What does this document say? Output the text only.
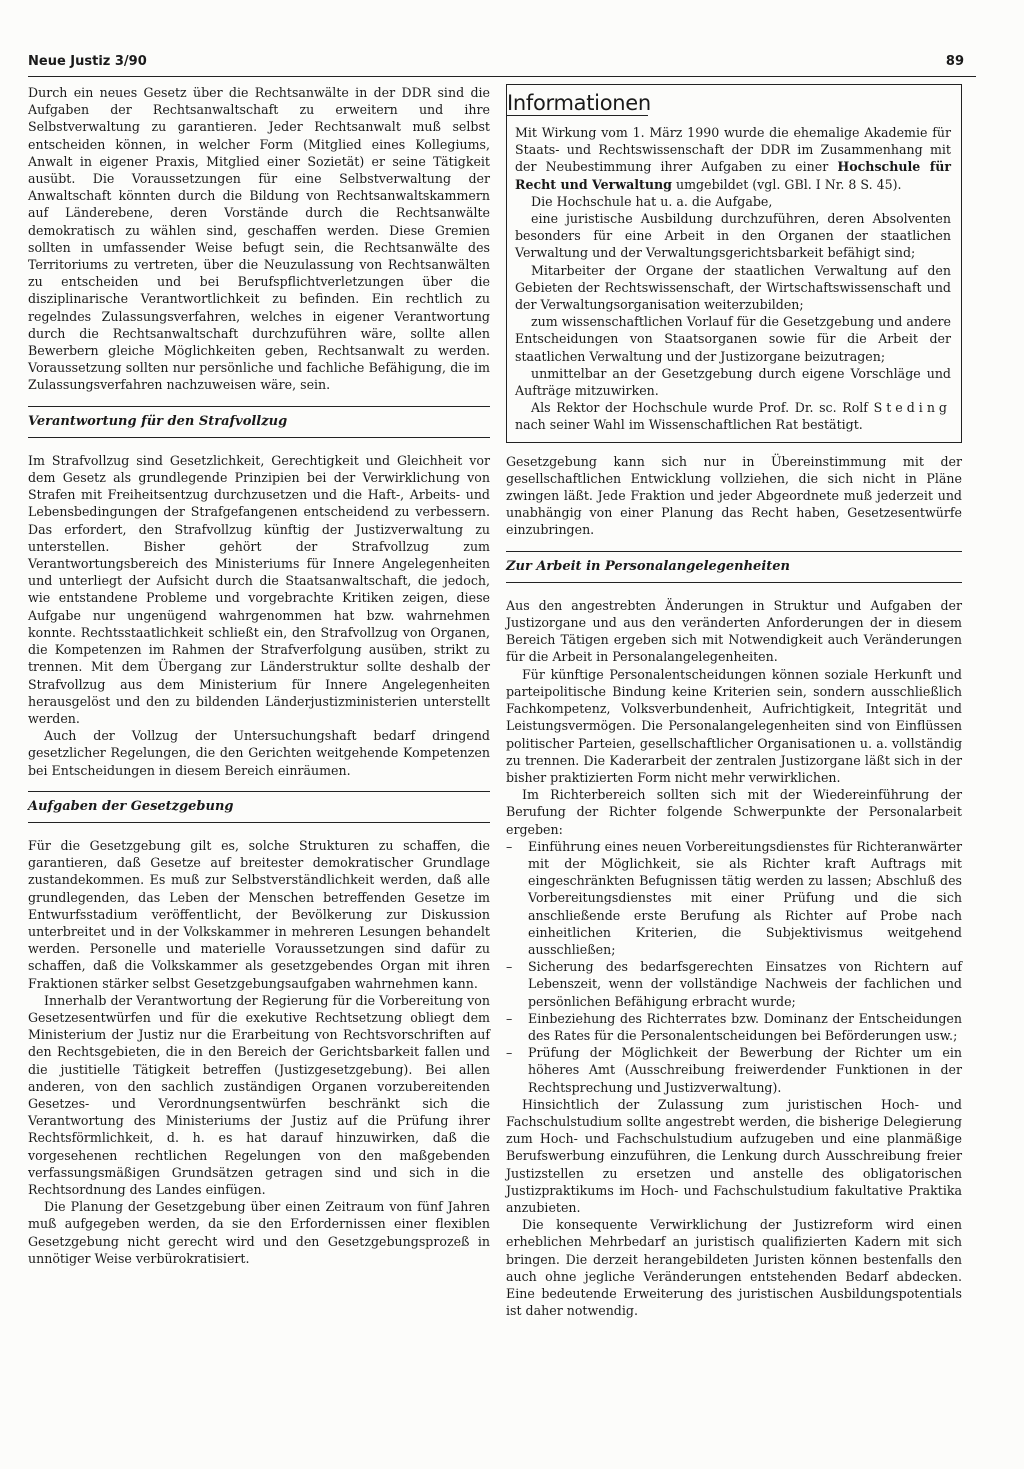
Neue Justiz 3/90	89

Durch ein neues Gesetz über die Rechtsanwälte in der DDR sind die Aufgaben der Rechtsanwaltschaft zu erweitern und ihre Selbstverwaltung zu garantieren. Jeder Rechtsanwalt muß selbst entscheiden können, in welcher Form (Mitglied eines Kollegiums, Anwalt in eigener Praxis, Mitglied einer Sozietät) er seine Tätigkeit ausübt. Die Voraussetzungen für eine Selbstverwaltung der Anwaltschaft könnten durch die Bildung von Rechtsanwaltskammern auf Länderebene, deren Vorstände durch die Rechtsanwälte demokratisch zu wählen sind, geschaffen werden. Diese Gremien sollten in umfassender Weise befugt sein, die Rechtsanwälte des Territoriums zu vertreten, über die Neuzulassung von Rechtsanwälten zu entscheiden und bei Berufspflichtverletzungen über die disziplinarische Verantwortlichkeit zu befinden. Ein rechtlich zu regelndes Zulassungsverfahren, welches in eigener Verantwortung durch die Rechtsanwaltschaft durchzuführen wäre, sollte allen Bewerbern gleiche Möglichkeiten geben, Rechtsanwalt zu werden. Voraussetzung sollten nur persönliche und fachliche Befähigung, die im Zulassungsverfahren nachzuweisen wäre, sein.

Verantwortung für den Strafvollzug

Im Strafvollzug sind Gesetzlichkeit, Gerechtigkeit und Gleichheit vor dem Gesetz als grundlegende Prinzipien bei der Verwirklichung von Strafen mit Freiheitsentzug durchzusetzen und die Haft-, Arbeits- und Lebensbedingungen der Strafgefangenen entscheidend zu verbessern. Das erfordert, den Strafvollzug künftig der Justizverwaltung zu unterstellen. Bisher gehört der Strafvollzug zum Verantwortungsbereich des Ministeriums für Innere Angelegenheiten und unterliegt der Aufsicht durch die Staatsanwaltschaft, die jedoch, wie entstandene Probleme und vorgebrachte Kritiken zeigen, diese Aufgabe nur ungenügend wahrgenommen hat bzw. wahrnehmen konnte. Rechtsstaatlichkeit schließt ein, den Strafvollzug von Organen, die Kompetenzen im Rahmen der Strafverfolgung ausüben, strikt zu trennen. Mit dem Übergang zur Länderstruktur sollte deshalb der Strafvollzug aus dem Ministerium für Innere Angelegenheiten herausgelöst und den zu bildenden Länderjustizministerien unterstellt werden.

Auch der Vollzug der Untersuchungshaft bedarf dringend gesetzlicher Regelungen, die den Gerichten weitgehende Kompetenzen bei Entscheidungen in diesem Bereich einräumen.

Aufgaben der Gesetzgebung

Für die Gesetzgebung gilt es, solche Strukturen zu schaffen, die garantieren, daß Gesetze auf breitester demokratischer Grundlage zustandekommen. Es muß zur Selbstverständlichkeit werden, daß alle grundlegenden, das Leben der Menschen betreffenden Gesetze im Entwurfsstadium veröffentlicht, der Bevölkerung zur Diskussion unterbreitet und in der Volkskammer in mehreren Lesungen behandelt werden. Personelle und materielle Voraussetzungen sind dafür zu schaffen, daß die Volkskammer als gesetzgebendes Organ mit ihren Fraktionen stärker selbst Gesetzgebungsaufgaben wahrnehmen kann.

Innerhalb der Verantwortung der Regierung für die Vorbereitung von Gesetzesentwürfen und für die exekutive Rechtsetzung obliegt dem Ministerium der Justiz nur die Erarbeitung von Rechtsvorschriften auf den Rechtsgebieten, die in den Bereich der Gerichtsbarkeit fallen und die justitielle Tätigkeit betreffen (Justizgesetzgebung). Bei allen anderen, von den sachlich zuständigen Organen vorzubereitenden Gesetzes- und Verordnungsentwürfen beschränkt sich die Verantwortung des Ministeriums der Justiz auf die Prüfung ihrer Rechtsförmlichkeit, d. h. es hat darauf hinzuwirken, daß die vorgesehenen rechtlichen Regelungen von den maßgebenden verfassungsmäßigen Grundsätzen getragen sind und sich in die Rechtsordnung des Landes einfügen.

Die Planung der Gesetzgebung über einen Zeitraum von fünf Jahren muß aufgegeben werden, da sie den Erfordernissen einer flexiblen Gesetzgebung nicht gerecht wird und den Gesetzgebungsprozeß in unnötiger Weise verbürokratisiert.

Informationen

Mit Wirkung vom 1. März 1990 wurde die ehemalige Akademie für Staats- und Rechtswissenschaft der DDR im Zusammenhang mit der Neubestimmung ihrer Aufgaben zu einer Hochschule für Recht und Verwaltung umgebildet (vgl. GBl. I Nr. 8 S. 45).

Die Hochschule hat u. a. die Aufgabe,

eine juristische Ausbildung durchzuführen, deren Absolventen besonders für eine Arbeit in den Organen der staatlichen Verwaltung und der Verwaltungsgerichtsbarkeit befähigt sind;

Mitarbeiter der Organe der staatlichen Verwaltung auf den Gebieten der Rechtswissenschaft, der Wirtschaftswissenschaft und der Verwaltungsorganisation weiterzubilden;

zum wissenschaftlichen Vorlauf für die Gesetzgebung und andere Entscheidungen von Staatsorganen sowie für die Arbeit der staatlichen Verwaltung und der Justizorgane beizutragen;

unmittelbar an der Gesetzgebung durch eigene Vorschläge und Aufträge mitzuwirken.

Als Rektor der Hochschule wurde Prof. Dr. sc. Rolf Steding nach seiner Wahl im Wissenschaftlichen Rat bestätigt.

Gesetzgebung kann sich nur in Übereinstimmung mit der gesellschaftlichen Entwicklung vollziehen, die sich nicht in Pläne zwingen läßt. Jede Fraktion und jeder Abgeordnete muß jederzeit und unabhängig von einer Planung das Recht haben, Gesetzesentwürfe einzubringen.

Zur Arbeit in Personalangelegenheiten

Aus den angestrebten Änderungen in Struktur und Aufgaben der Justizorgane und aus den veränderten Anforderungen der in diesem Bereich Tätigen ergeben sich mit Notwendigkeit auch Veränderungen für die Arbeit in Personalangelegenheiten.

Für künftige Personalentscheidungen können soziale Herkunft und parteipolitische Bindung keine Kriterien sein, sondern ausschließlich Fachkompetenz, Volksverbundenheit, Aufrichtigkeit, Integrität und Leistungsvermögen. Die Personalangelegenheiten sind von Einflüssen politischer Parteien, gesellschaftlicher Organisationen u. a. vollständig zu trennen. Die Kaderarbeit der zentralen Justizorgane läßt sich in der bisher praktizierten Form nicht mehr verwirklichen.

Im Richterbereich sollten sich mit der Wiedereinführung der Berufung der Richter folgende Schwerpunkte der Personalarbeit ergeben:

– Einführung eines neuen Vorbereitungsdienstes für Richteranwärter mit der Möglichkeit, sie als Richter kraft Auftrags mit eingeschränkten Befugnissen tätig werden zu lassen; Abschluß des Vorbereitungsdienstes mit einer Prüfung und die sich anschließende erste Berufung als Richter auf Probe nach einheitlichen Kriterien, die Subjektivismus weitgehend ausschließen;
– Sicherung des bedarfsgerechten Einsatzes von Richtern auf Lebenszeit, wenn der vollständige Nachweis der fachlichen und persönlichen Befähigung erbracht wurde;
– Einbeziehung des Richterrates bzw. Dominanz der Entscheidungen des Rates für die Personalentscheidungen bei Beförderungen usw.;
– Prüfung der Möglichkeit der Bewerbung der Richter um ein höheres Amt (Ausschreibung freiwerdender Funktionen in der Rechtsprechung und Justizverwaltung).

Hinsichtlich der Zulassung zum juristischen Hoch- und Fachschulstudium sollte angestrebt werden, die bisherige Delegierung zum Hoch- und Fachschulstudium aufzugeben und eine planmäßige Berufswerbung einzuführen, die Lenkung durch Ausschreibung freier Justizstellen zu ersetzen und anstelle des obligatorischen Justizpraktikums im Hoch- und Fachschulstudium fakultative Praktika anzubieten.

Die konsequente Verwirklichung der Justizreform wird einen erheblichen Mehrbedarf an juristisch qualifizierten Kadern mit sich bringen. Die derzeit herangebildeten Juristen können bestenfalls den auch ohne jegliche Veränderungen entstehenden Bedarf abdecken. Eine bedeutende Erweiterung des juristischen Ausbildungspotentials ist daher notwendig.
